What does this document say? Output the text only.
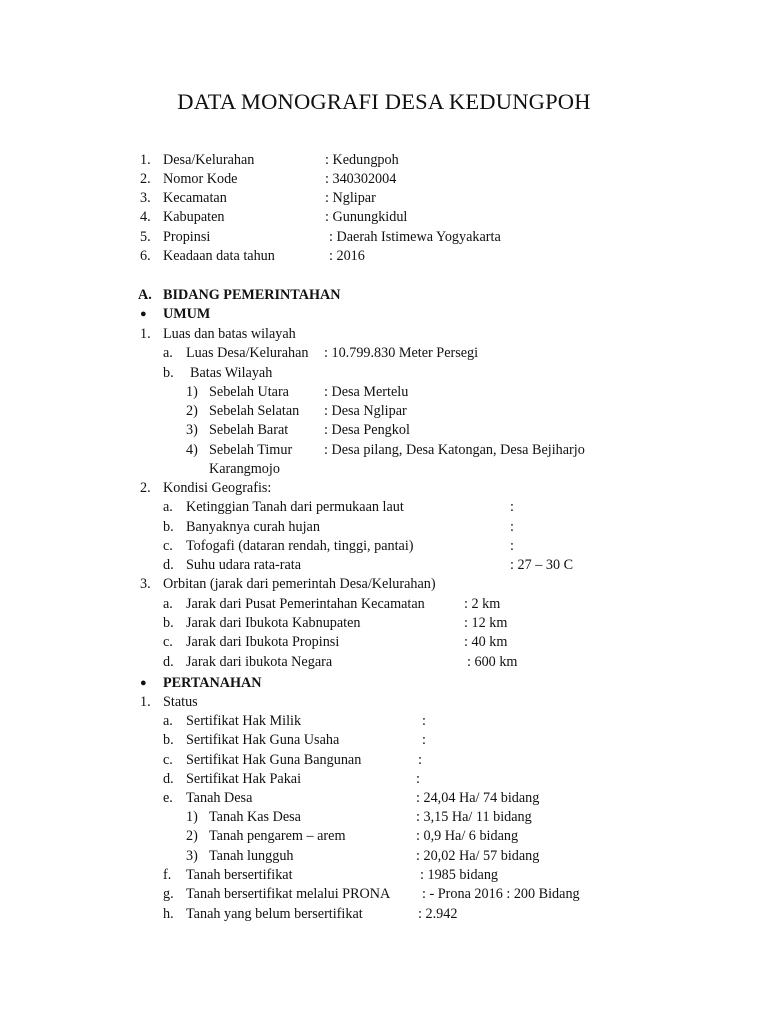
DATA MONOGRAFI DESA KEDUNGPOH
1. Desa/Kelurahan	: Kedungpoh
2. Nomor Kode	: 340302004
3. Kecamatan	: Nglipar
4. Kabupaten	: Gunungkidul
5. Propinsi	: Daerah Istimewa Yogyakarta
6. Keadaan data tahun	: 2016
A. BIDANG PEMERINTAHAN
● UMUM
1. Luas dan batas wilayah
a. Luas Desa/Kelurahan : 10.799.830 Meter Persegi
b. Batas Wilayah
1) Sebelah Utara : Desa Mertelu
2) Sebelah Selatan : Desa Nglipar
3) Sebelah Barat	: Desa Pengkol
4) Sebelah Timur : Desa pilang, Desa Katongan, Desa Bejiharjo
Karangmojo
2. Kondisi Geografis:
a. Ketinggian Tanah dari permukaan laut	:
b. Banyaknya curah hujan	:
c. Tofogafi (dataran rendah, tinggi, pantai)	:
d. Suhu udara rata-rata	: 27 – 30 C
3. Orbitan (jarak dari pemerintah Desa/Kelurahan)
a. Jarak dari Pusat Pemerintahan Kecamatan	: 2 km
b. Jarak dari Ibukota Kabnupaten	: 12 km
c. Jarak dari Ibukota Propinsi	: 40 km
d. Jarak dari ibukota Negara	: 600 km
● PERTANAHAN
1. Status
a. Sertifikat Hak Milik	:
b. Sertifikat Hak Guna Usaha	:
c. Sertifikat Hak Guna Bangunan	:
d. Sertifikat Hak Pakai	:
e. Tanah Desa	: 24,04 Ha/ 74 bidang
1) Tanah Kas Desa	: 3,15 Ha/ 11 bidang
2) Tanah pengarem – arem	: 0,9 Ha/ 6 bidang
3) Tanah lungguh	: 20,02 Ha/ 57 bidang
f. Tanah bersertifikat	: 1985 bidang
g. Tanah bersertifikat melalui PRONA : - Prona 2016 : 200 Bidang
h. Tanah yang belum bersertifikat	: 2.942
